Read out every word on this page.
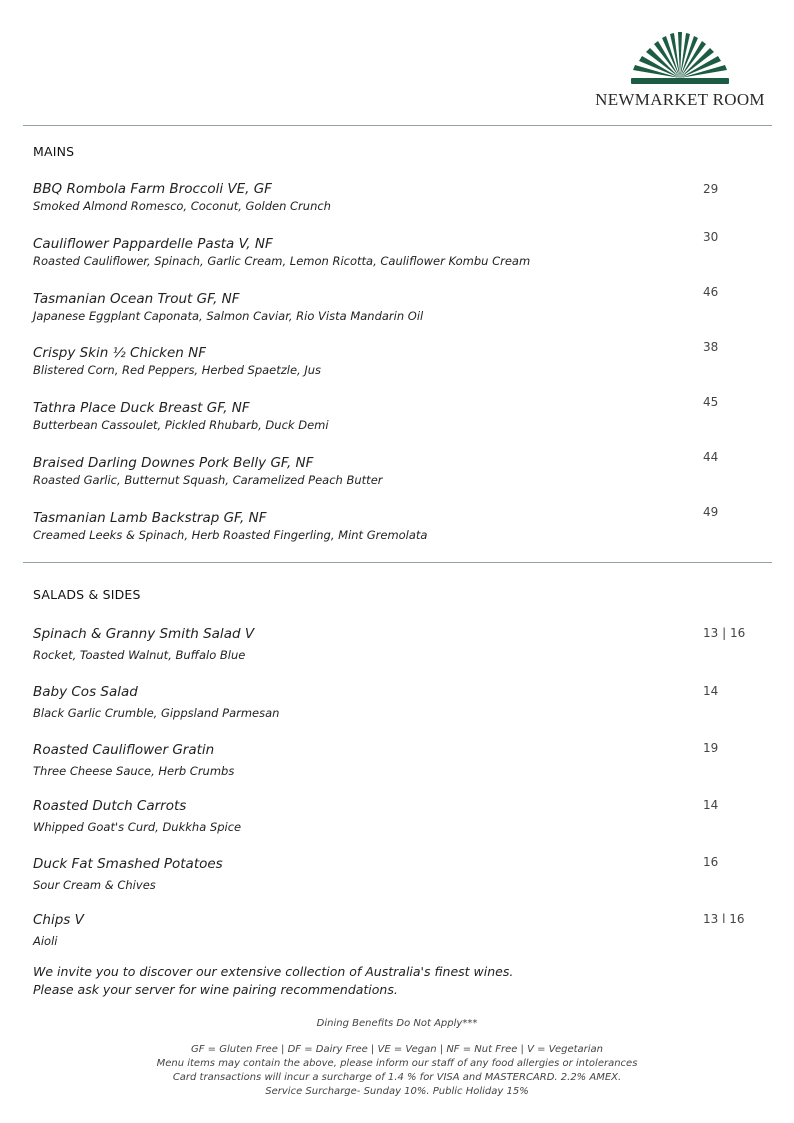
NEWMARKET ROOM
MAINS
BBQ Rombola Farm Broccoli VE, GF
Smoked Almond Romesco, Coconut, Golden Crunch
29
Cauliflower Pappardelle Pasta V, NF
Roasted Cauliflower, Spinach, Garlic Cream, Lemon Ricotta, Cauliflower Kombu Cream
30
Tasmanian Ocean Trout GF, NF
Japanese Eggplant Caponata, Salmon Caviar, Rio Vista Mandarin Oil
46
Crispy Skin ½ Chicken NF
Blistered Corn, Red Peppers, Herbed Spaetzle, Jus
38
Tathra Place Duck Breast GF, NF
Butterbean Cassoulet, Pickled Rhubarb, Duck Demi
45
Braised Darling Downes Pork Belly GF, NF
Roasted Garlic, Butternut Squash, Caramelized Peach Butter
44
Tasmanian Lamb Backstrap GF, NF
Creamed Leeks & Spinach, Herb Roasted Fingerling, Mint Gremolata
49
SALADS & SIDES
Spinach & Granny Smith Salad V
Rocket, Toasted Walnut, Buffalo Blue
13 | 16
Baby Cos Salad
Black Garlic Crumble, Gippsland Parmesan
14
Roasted Cauliflower Gratin
Three Cheese Sauce, Herb Crumbs
19
Roasted Dutch Carrots
Whipped Goat's Curd, Dukkha Spice
14
Duck Fat Smashed Potatoes
Sour Cream & Chives
16
Chips V
Aioli
13 l 16
We invite you to discover our extensive collection of Australia's finest wines.
Please ask your server for wine pairing recommendations.
Dining Benefits Do Not Apply***
GF = Gluten Free | DF = Dairy Free | VE = Vegan | NF = Nut Free | V = Vegetarian
Menu items may contain the above, please inform our staff of any food allergies or intolerances
Card transactions will incur a surcharge of 1.4 % for VISA and MASTERCARD. 2.2% AMEX.
Service Surcharge- Sunday 10%. Public Holiday 15%
